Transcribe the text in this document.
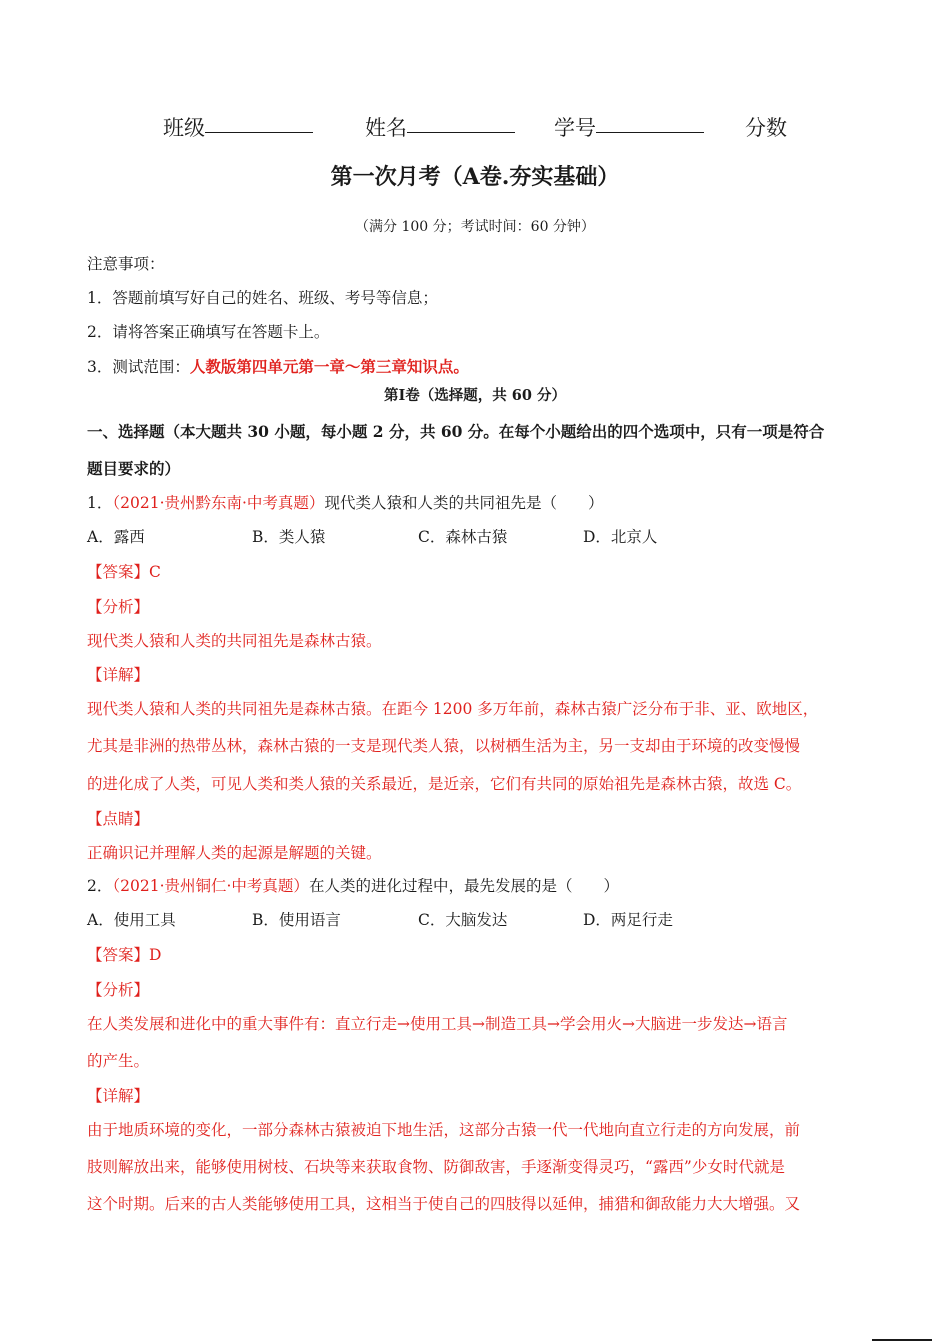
班级	姓名	学号	分数
第一次月考（A卷.夯实基础）
（满分 100 分；考试时间：60 分钟）
注意事项：
1．答题前填写好自己的姓名、班级、考号等信息；
2．请将答案正确填写在答题卡上。
3．测试范围：人教版第四单元第一章～第三章知识点。
第Ⅰ卷（选择题，共 60 分）
一、选择题（本大题共 30 小题，每小题 2 分，共 60 分。在每个小题给出的四个选项中，只有一项是符合
题目要求的）
1．（2021·贵州黔东南·中考真题）现代类人猿和人类的共同祖先是（　　）
A．露西	B．类人猿	C．森林古猿	D．北京人
【答案】C
【分析】
现代类人猿和人类的共同祖先是森林古猿。
【详解】
现代类人猿和人类的共同祖先是森林古猿。在距今 1200 多万年前，森林古猿广泛分布于非、亚、欧地区，
尤其是非洲的热带丛林，森林古猿的一支是现代类人猿，以树栖生活为主，另一支却由于环境的改变慢慢
的进化成了人类，可见人类和类人猿的关系最近，是近亲，它们有共同的原始祖先是森林古猿，故选 C。
【点睛】
正确识记并理解人类的起源是解题的关键。
2．（2021·贵州铜仁·中考真题）在人类的进化过程中，最先发展的是（　　）
A．使用工具	B．使用语言	C．大脑发达	D．两足行走
【答案】D
【分析】
在人类发展和进化中的重大事件有：直立行走→使用工具→制造工具→学会用火→大脑进一步发达→语言
的产生。
【详解】
由于地质环境的变化，一部分森林古猿被迫下地生活，这部分古猿一代一代地向直立行走的方向发展，前
肢则解放出来，能够使用树枝、石块等来获取食物、防御敌害，手逐渐变得灵巧，“露西”少女时代就是
这个时期。后来的古人类能够使用工具，这相当于使自己的四肢得以延伸，捕猎和御敌能力大大增强。又
